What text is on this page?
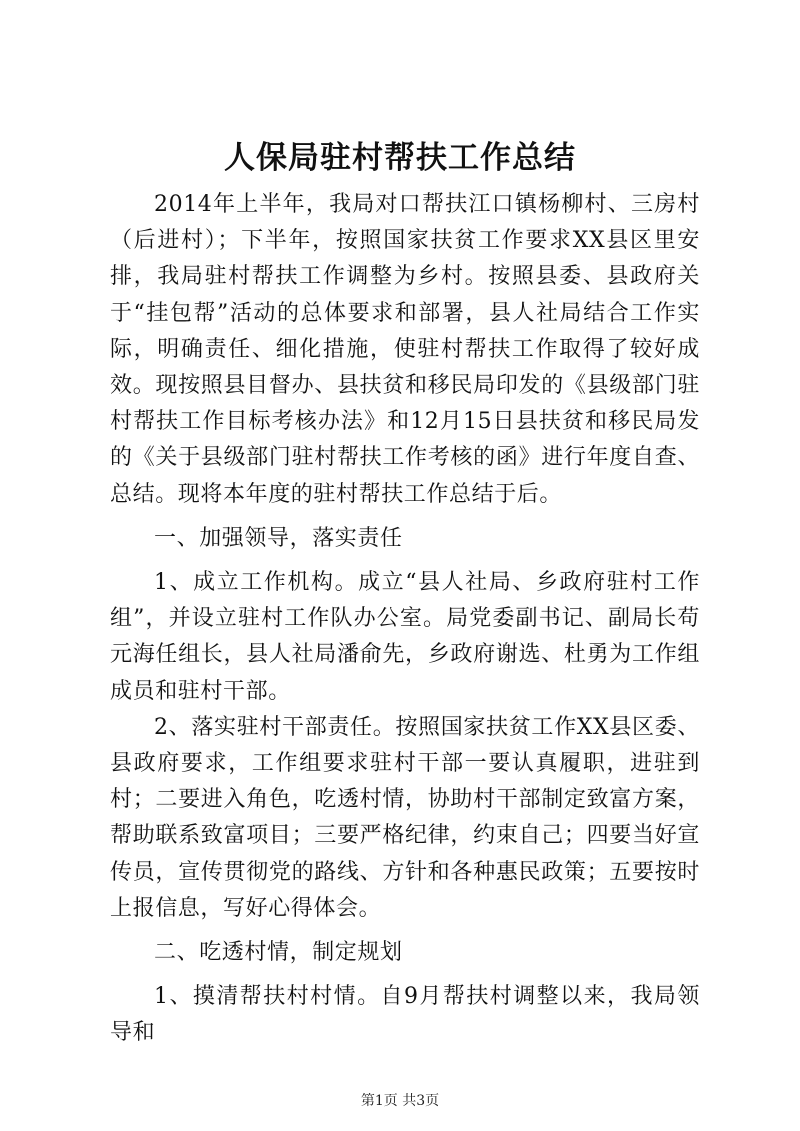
人保局驻村帮扶工作总结

2014年上半年，我局对口帮扶江口镇杨柳村、三房村（后进村）；下半年，按照国家扶贫工作要求XX县区里安排，我局驻村帮扶工作调整为乡村。按照县委、县政府关于“挂包帮”活动的总体要求和部署，县人社局结合工作实际，明确责任、细化措施，使驻村帮扶工作取得了较好成效。现按照县目督办、县扶贫和移民局印发的《县级部门驻村帮扶工作目标考核办法》和12月15日县扶贫和移民局发的《关于县级部门驻村帮扶工作考核的函》进行年度自查、总结。现将本年度的驻村帮扶工作总结于后。

一、加强领导，落实责任

1、成立工作机构。成立“县人社局、乡政府驻村工作组”，并设立驻村工作队办公室。局党委副书记、副局长苟元海任组长，县人社局潘俞先，乡政府谢选、杜勇为工作组成员和驻村干部。

2、落实驻村干部责任。按照国家扶贫工作XX县区委、县政府要求，工作组要求驻村干部一要认真履职，进驻到村；二要进入角色，吃透村情，协助村干部制定致富方案，帮助联系致富项目；三要严格纪律，约束自己；四要当好宣传员，宣传贯彻党的路线、方针和各种惠民政策；五要按时上报信息，写好心得体会。

二、吃透村情，制定规划

1、摸清帮扶村村情。自9月帮扶村调整以来，我局领导和

第1页 共3页
